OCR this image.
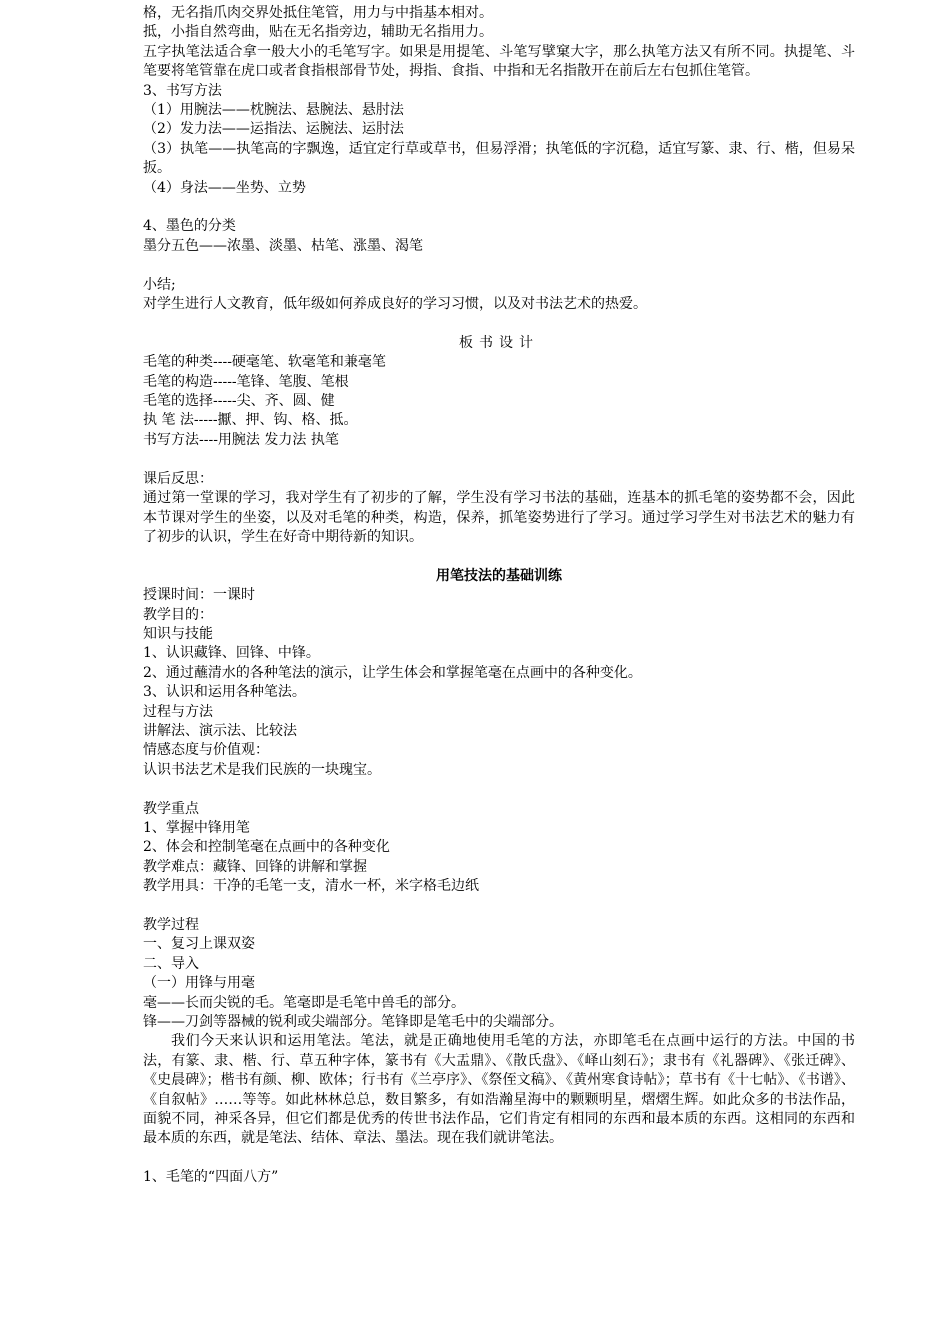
格，无名指爪肉交界处抵住笔管，用力与中指基本相对。
抵，小指自然弯曲，贴在无名指旁边，辅助无名指用力。
五字执笔法适合拿一般大小的毛笔写字。如果是用提笔、斗笔写擘窠大字，那么执笔方法又有所不同。执提笔、斗笔要将笔管靠在虎口或者食指根部骨节处，拇指、食指、中指和无名指散开在前后左右包抓住笔管。
3、书写方法
（1）用腕法——枕腕法、悬腕法、悬肘法
（2）发力法——运指法、运腕法、运肘法
（3）执笔——执笔高的字飘逸，适宜定行草或草书，但易浮滑；执笔低的字沉稳，适宜写篆、隶、行、楷，但易呆扳。
（4）身法——坐势、立势
4、墨色的分类
墨分五色——浓墨、淡墨、枯笔、涨墨、渴笔
小结;
对学生进行人文教育，低年级如何养成良好的学习习惯，以及对书法艺术的热爱。
板书设计
毛笔的种类----硬毫笔、软毫笔和兼毫笔
毛笔的构造-----笔锋、笔腹、笔根
毛笔的选择-----尖、齐、圆、健
执 笔 法-----擫、押、钩、格、抵。
书写方法----用腕法 发力法 执笔
课后反思：
通过第一堂课的学习，我对学生有了初步的了解，学生没有学习书法的基础，连基本的抓毛笔的姿势都不会，因此本节课对学生的坐姿，以及对毛笔的种类，构造，保养，抓笔姿势进行了学习。通过学习学生对书法艺术的魅力有了初步的认识，学生在好奇中期待新的知识。
用笔技法的基础训练
授课时间：一课时
教学目的：
知识与技能
1、认识藏锋、回锋、中锋。
2、通过蘸清水的各种笔法的演示，让学生体会和掌握笔毫在点画中的各种变化。
3、认识和运用各种笔法。
过程与方法
讲解法、演示法、比较法
情感态度与价值观：
认识书法艺术是我们民族的一块瑰宝。
教学重点
1、掌握中锋用笔
2、体会和控制笔毫在点画中的各种变化
教学难点：藏锋、回锋的讲解和掌握
教学用具：干净的毛笔一支，清水一杯，米字格毛边纸
教学过程
一、复习上课双姿
二、导入
（一）用锋与用毫
毫——长而尖锐的毛。笔毫即是毛笔中兽毛的部分。
锋——刀剑等器械的锐利或尖端部分。笔锋即是笔毛中的尖端部分。
我们今天来认识和运用笔法。笔法，就是正确地使用毛笔的方法，亦即笔毛在点画中运行的方法。中国的书法，有篆、隶、楷、行、草五种字体，篆书有《大盂鼎》、《散氏盘》、《峄山刻石》；隶书有《礼器碑》、《张迁碑》、《史晨碑》；楷书有颜、柳、欧体；行书有《兰亭序》、《祭侄文稿》、《黄州寒食诗帖》；草书有《十七帖》、《书谱》、《自叙帖》……等等。如此林林总总，数目繁多，有如浩瀚星海中的颗颗明星，熠熠生辉。如此众多的书法作品，面貌不同，神采各异，但它们都是优秀的传世书法作品，它们肯定有相同的东西和最本质的东西。这相同的东西和最本质的东西，就是笔法、结体、章法、墨法。现在我们就讲笔法。
1、毛笔的“四面八方”
